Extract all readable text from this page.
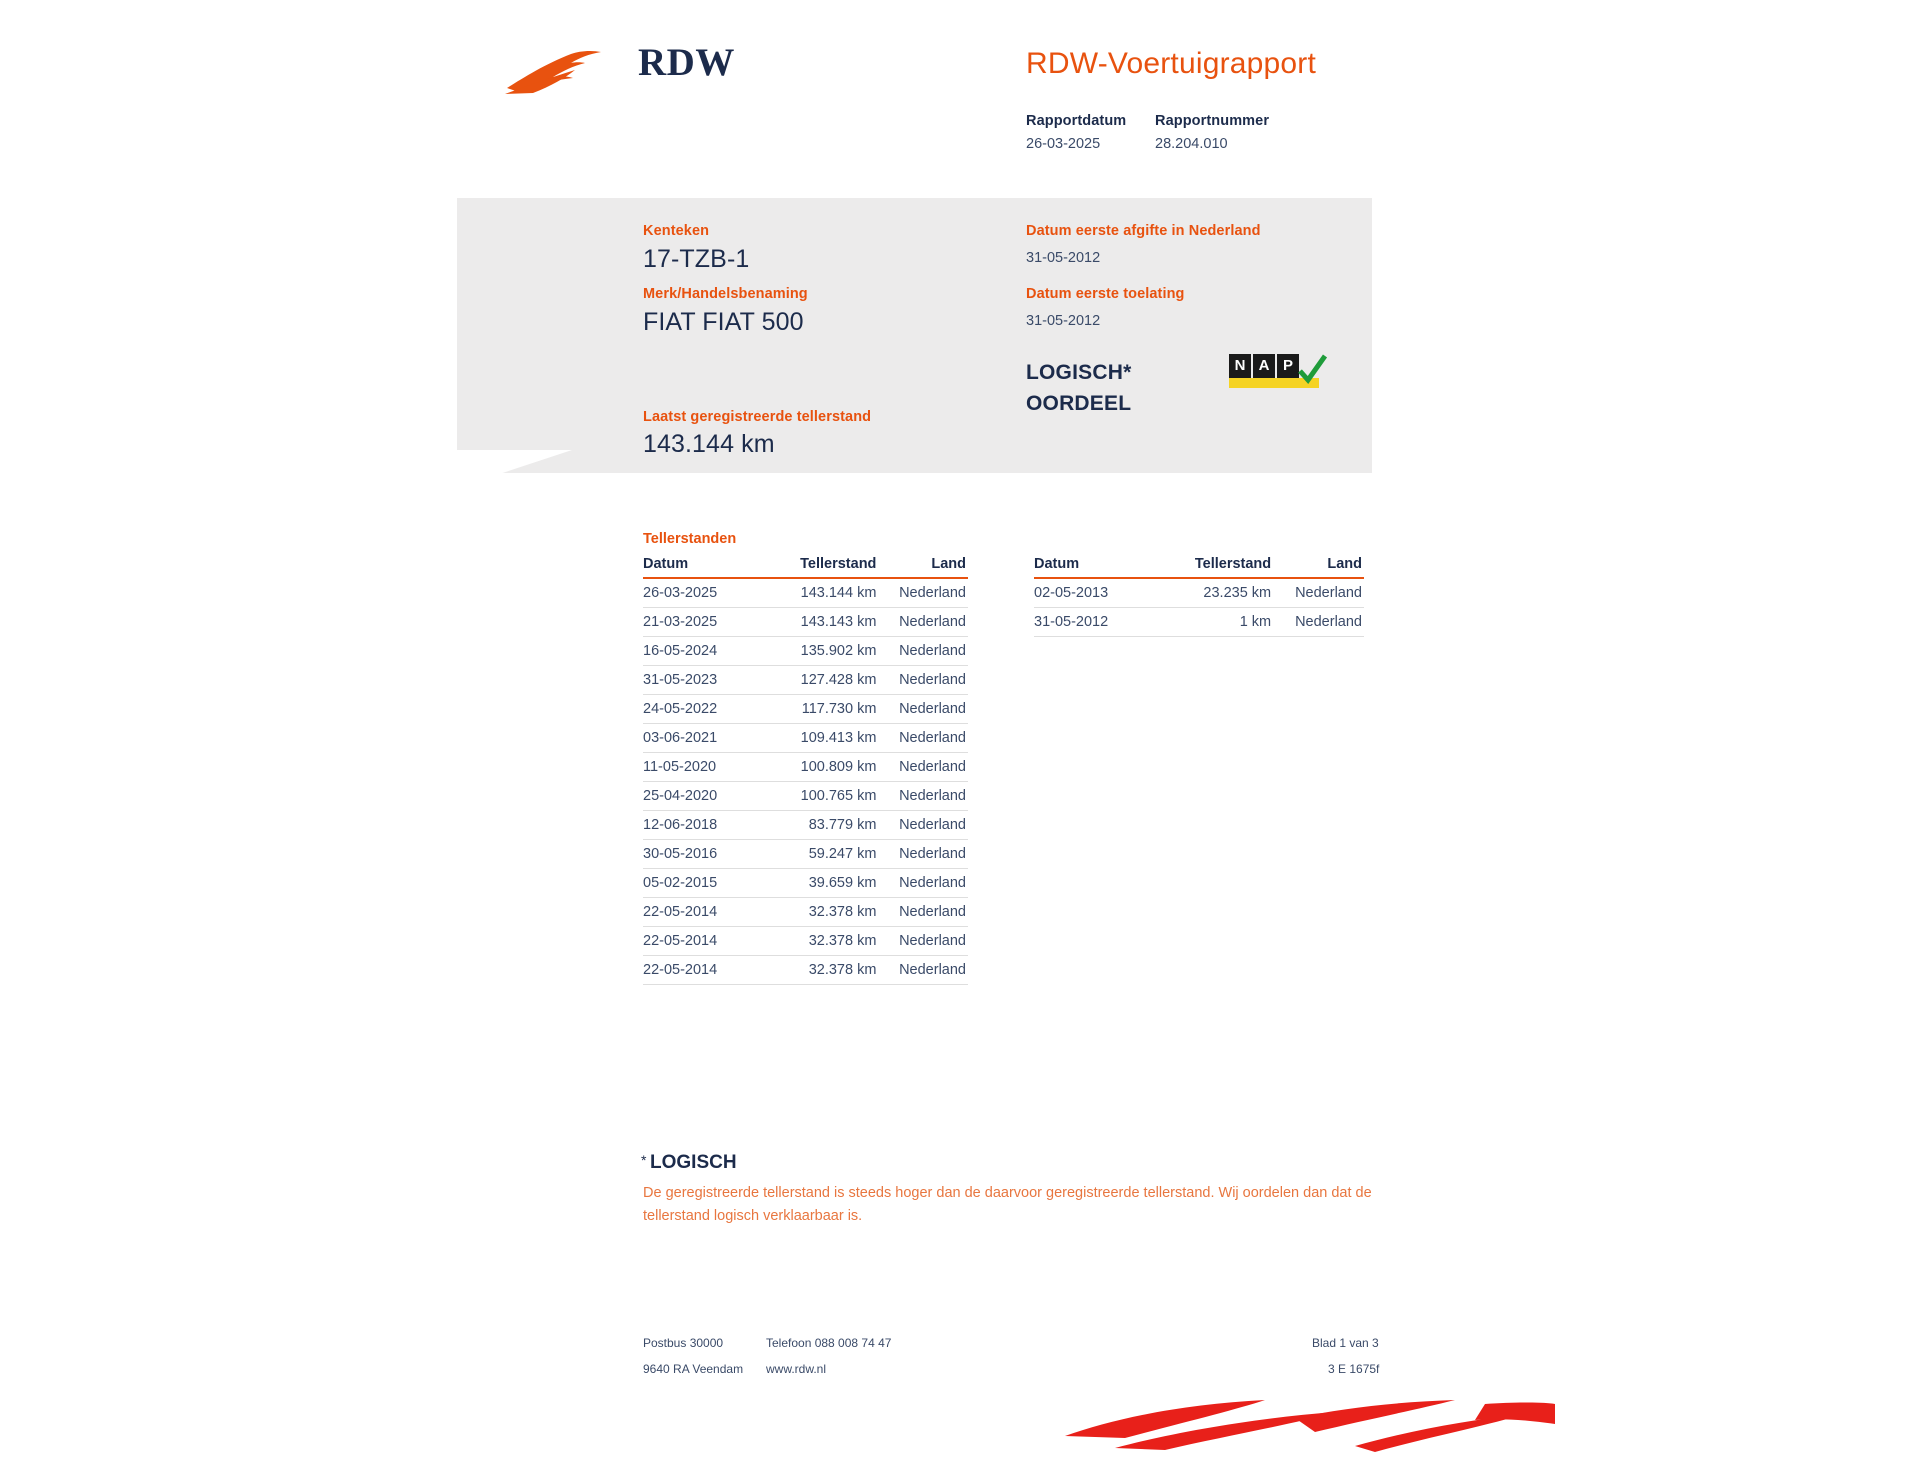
RDW	RDW-Voertuigrapport
Rapportdatum
26-03-2025
Rapportnummer
28.204.010
Kenteken
17-TZB-1
Merk/Handelsbenaming
FIAT FIAT 500
Laatst geregistreerde tellerstand
143.144 km
Datum eerste afgifte in Nederland
31-05-2012
Datum eerste toelating
31-05-2012
LOGISCH*
OORDEEL
N A P
Tellerstanden
Datum	Tellerstand	Land
26-03-2025	143.144 km	Nederland
21-03-2025	143.143 km	Nederland
16-05-2024	135.902 km	Nederland
31-05-2023	127.428 km	Nederland
24-05-2022	117.730 km	Nederland
03-06-2021	109.413 km	Nederland
11-05-2020	100.809 km	Nederland
25-04-2020	100.765 km	Nederland
12-06-2018	83.779 km	Nederland
30-05-2016	59.247 km	Nederland
05-02-2015	39.659 km	Nederland
22-05-2014	32.378 km	Nederland
22-05-2014	32.378 km	Nederland
22-05-2014	32.378 km	Nederland
Datum	Tellerstand	Land
02-05-2013	23.235 km	Nederland
31-05-2012	1 km	Nederland
* LOGISCH
De geregistreerde tellerstand is steeds hoger dan de daarvoor geregistreerde tellerstand. Wij oordelen dan dat de tellerstand logisch verklaarbaar is.
Postbus 30000
9640 RA Veendam
Telefoon 088 008 74 47
www.rdw.nl
Blad 1 van 3
3 E 1675f
